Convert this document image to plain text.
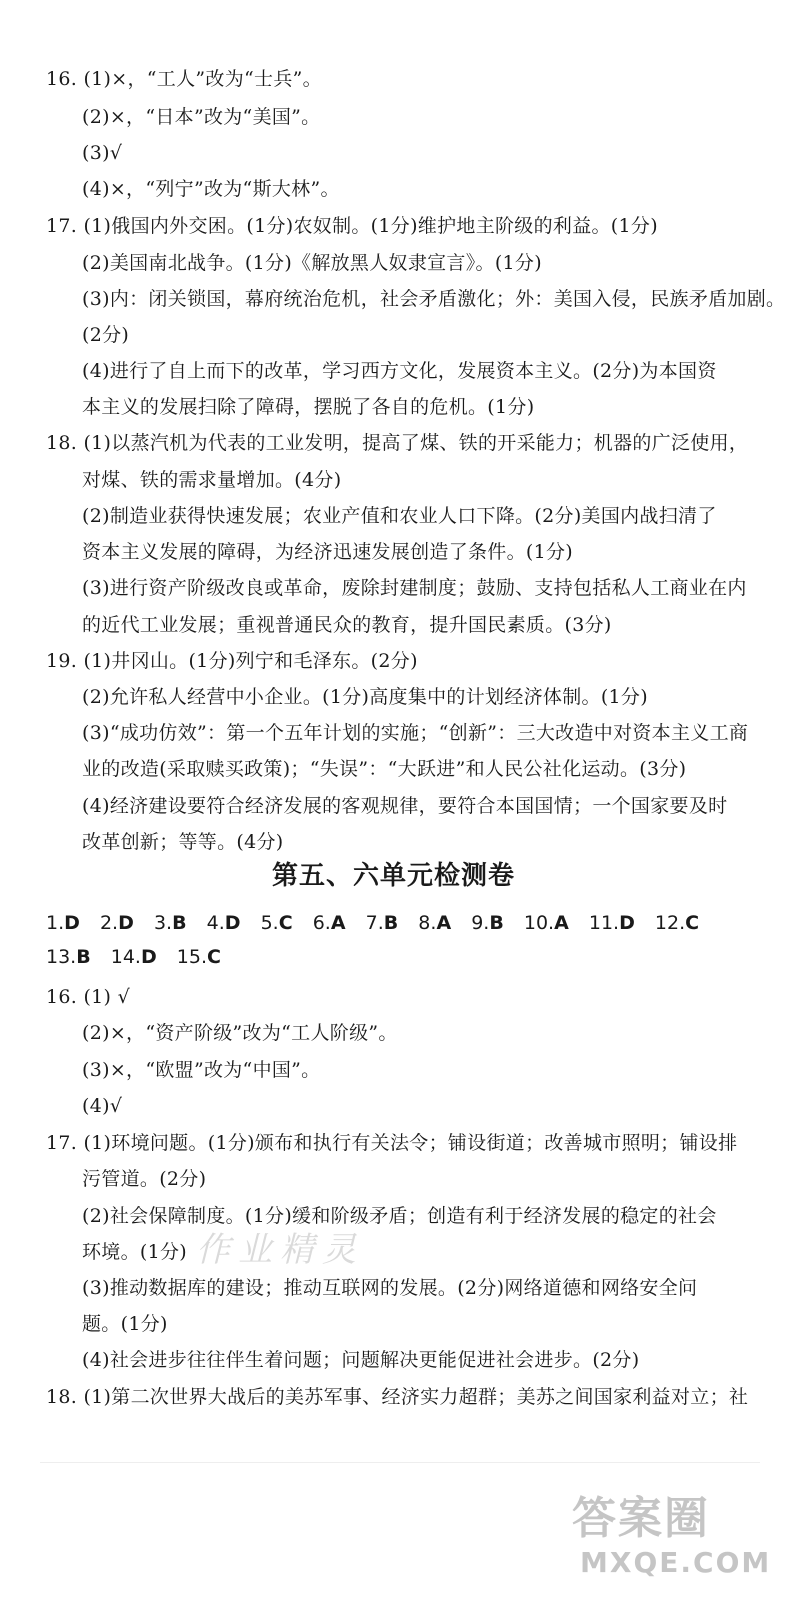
16. (1)×，“工人”改为“士兵”。
(2)×，“日本”改为“美国”。
(3)√
(4)×，“列宁”改为“斯大林”。
17. (1)俄国内外交困。(1分)农奴制。(1分)维护地主阶级的利益。(1分)
(2)美国南北战争。(1分)《解放黑人奴隶宣言》。(1分)
(3)内：闭关锁国，幕府统治危机，社会矛盾激化；外：美国入侵，民族矛盾加剧。
(2分)
(4)进行了自上而下的改革，学习西方文化，发展资本主义。(2分)为本国资
本主义的发展扫除了障碍，摆脱了各自的危机。(1分)
18. (1)以蒸汽机为代表的工业发明，提高了煤、铁的开采能力；机器的广泛使用，
对煤、铁的需求量增加。(4分)
(2)制造业获得快速发展；农业产值和农业人口下降。(2分)美国内战扫清了
资本主义发展的障碍，为经济迅速发展创造了条件。(1分)
(3)进行资产阶级改良或革命，废除封建制度；鼓励、支持包括私人工商业在内
的近代工业发展；重视普通民众的教育，提升国民素质。(3分)
19. (1)井冈山。(1分)列宁和毛泽东。(2分)
(2)允许私人经营中小企业。(1分)高度集中的计划经济体制。(1分)
(3)“成功仿效”：第一个五年计划的实施；“创新”：三大改造中对资本主义工商
业的改造(采取赎买政策)；“失误”：“大跃进”和人民公社化运动。(3分)
(4)经济建设要符合经济发展的客观规律，要符合本国国情；一个国家要及时
改革创新；等等。(4分)
第五、六单元检测卷
1.D 2.D 3.B 4.D 5.C 6.A 7.B 8.A 9.B 10.A 11.D 12.C
13.B 14.D 15.C
16. (1) √
(2)×，“资产阶级”改为“工人阶级”。
(3)×，“欧盟”改为“中国”。
(4)√
17. (1)环境问题。(1分)颁布和执行有关法令；铺设街道；改善城市照明；铺设排
污管道。(2分)
(2)社会保障制度。(1分)缓和阶级矛盾；创造有利于经济发展的稳定的社会
环境。(1分)
(3)推动数据库的建设；推动互联网的发展。(2分)网络道德和网络安全问
题。(1分)
(4)社会进步往往伴生着问题；问题解决更能促进社会进步。(2分)
18. (1)第二次世界大战后的美苏军事、经济实力超群；美苏之间国家利益对立；社
作业精灵
答案圈
MXQE.COM
